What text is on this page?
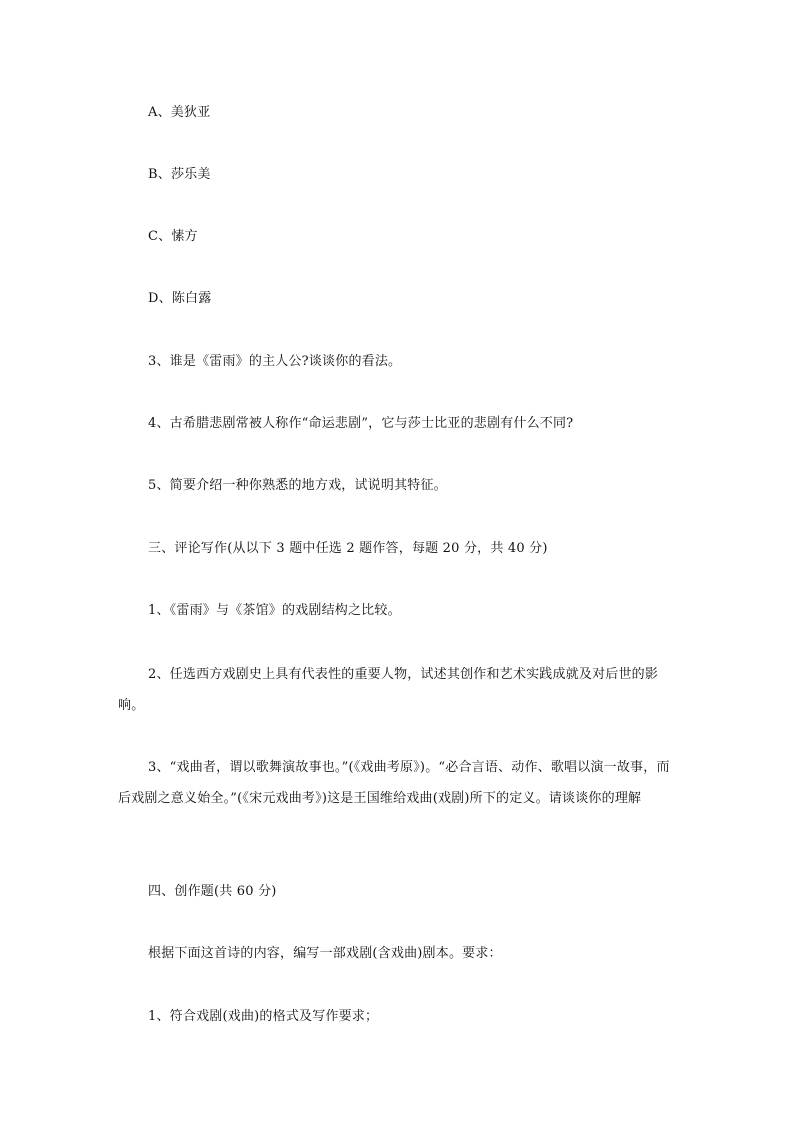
A、美狄亚
B、莎乐美
C、愫方
D、陈白露
3、谁是《雷雨》的主人公?谈谈你的看法。
4、古希腊悲剧常被人称作“命运悲剧”，它与莎士比亚的悲剧有什么不同?
5、简要介绍一种你熟悉的地方戏，试说明其特征。
三、评论写作(从以下 3 题中任选 2 题作答，每题 20 分，共 40 分)
1、《雷雨》与《茶馆》的戏剧结构之比较。
2、任选西方戏剧史上具有代表性的重要人物，试述其创作和艺术实践成就及对后世的影响。
3、“戏曲者，谓以歌舞演故事也。”(《戏曲考原》)。“必合言语、动作、歌唱以演一故事，而后戏剧之意义始全。”(《宋元戏曲考》)这是王国维给戏曲(戏剧)所下的定义。请谈谈你的理解
四、创作题(共 60 分)
根据下面这首诗的内容，编写一部戏剧(含戏曲)剧本。要求：
1、符合戏剧(戏曲)的格式及写作要求；
